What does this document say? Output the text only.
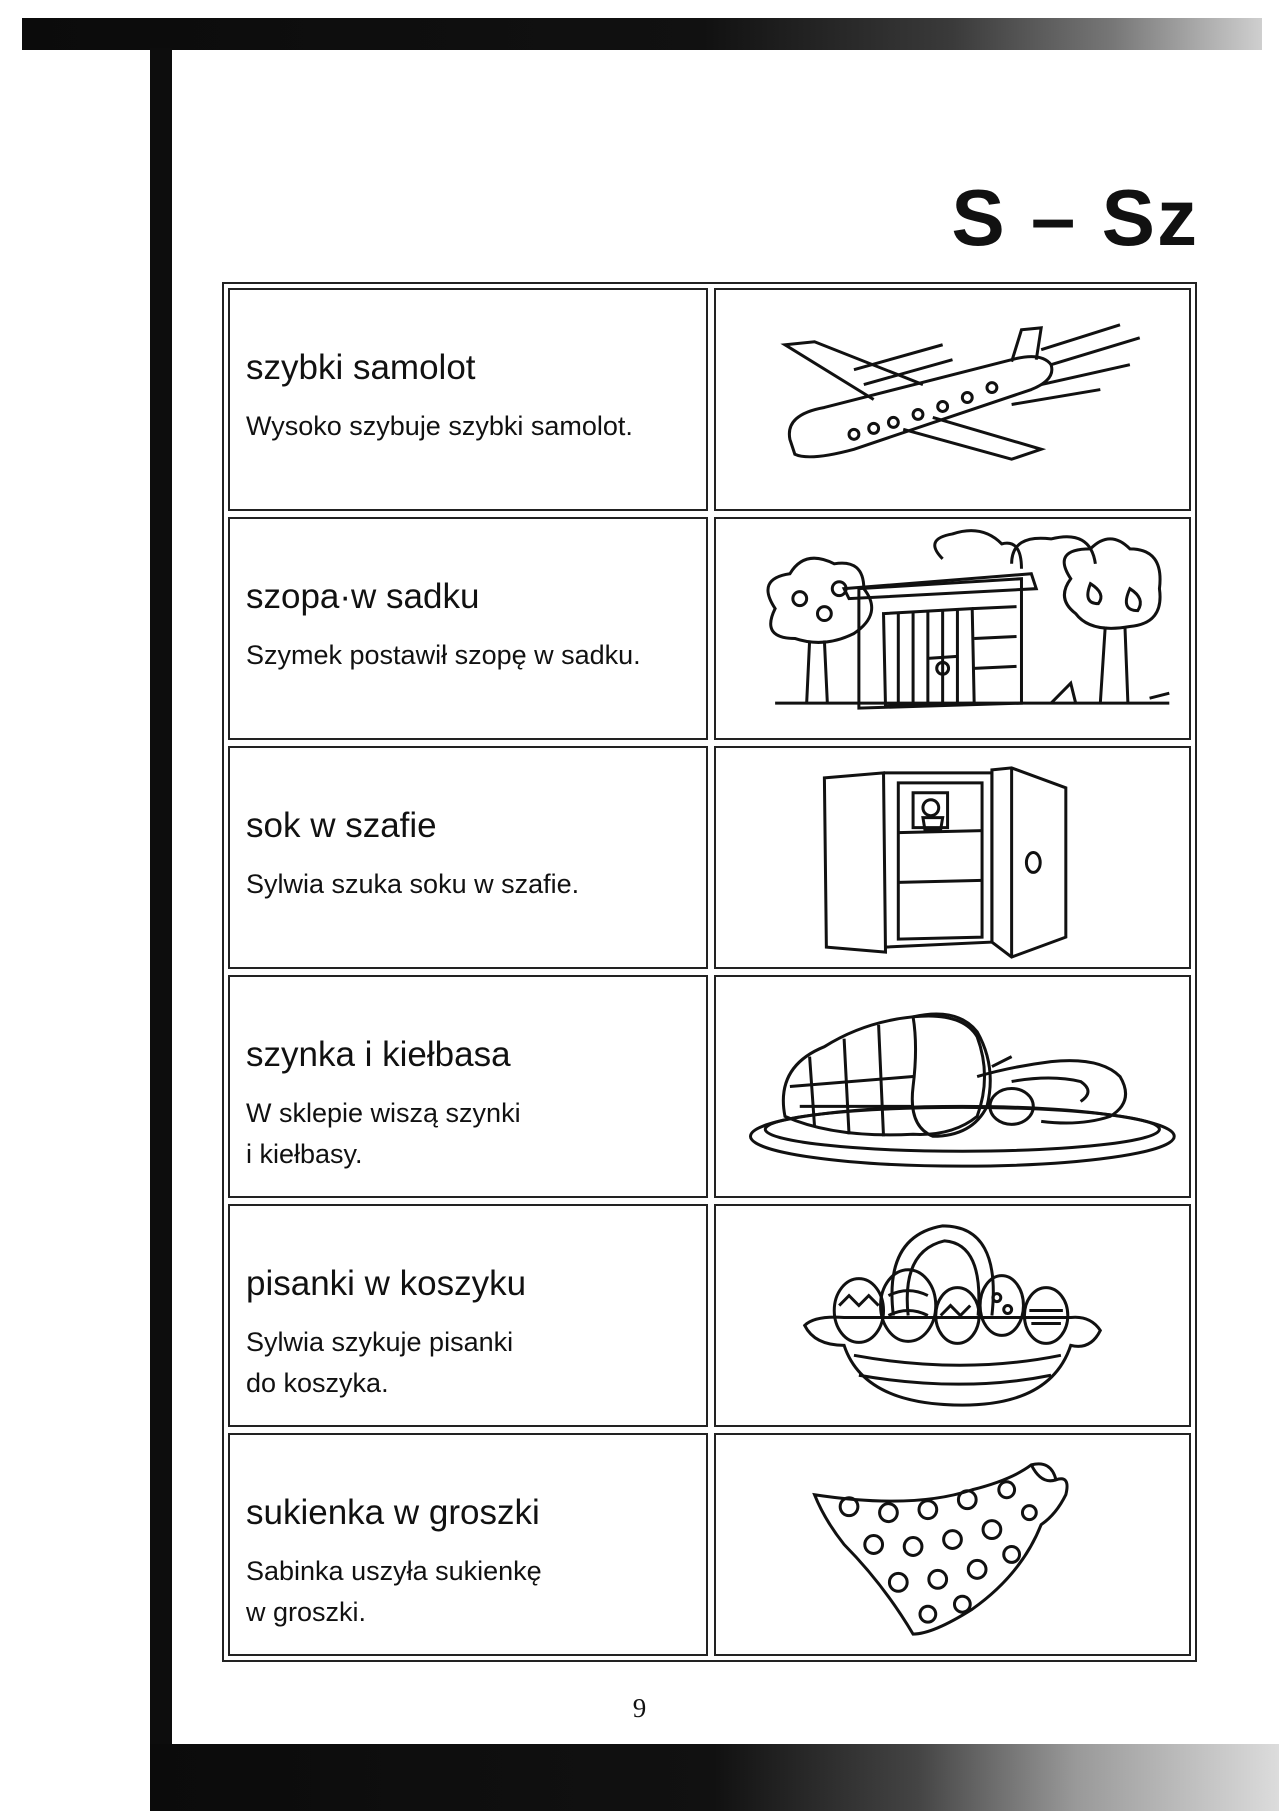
S – Sz
szybki samolot
Wysoko szybuje szybki samolot.
szopa·w sadku
Szymek postawił szopę w sadku.
sok w szafie
Sylwia szuka soku w szafie.
szynka i kiełbasa
W sklepie wiszą szynki
i kiełbasy.
pisanki w koszyku
Sylwia szykuje pisanki
do koszyka.
sukienka w groszki
Sabinka uszyła sukienkę
w groszki.
9
